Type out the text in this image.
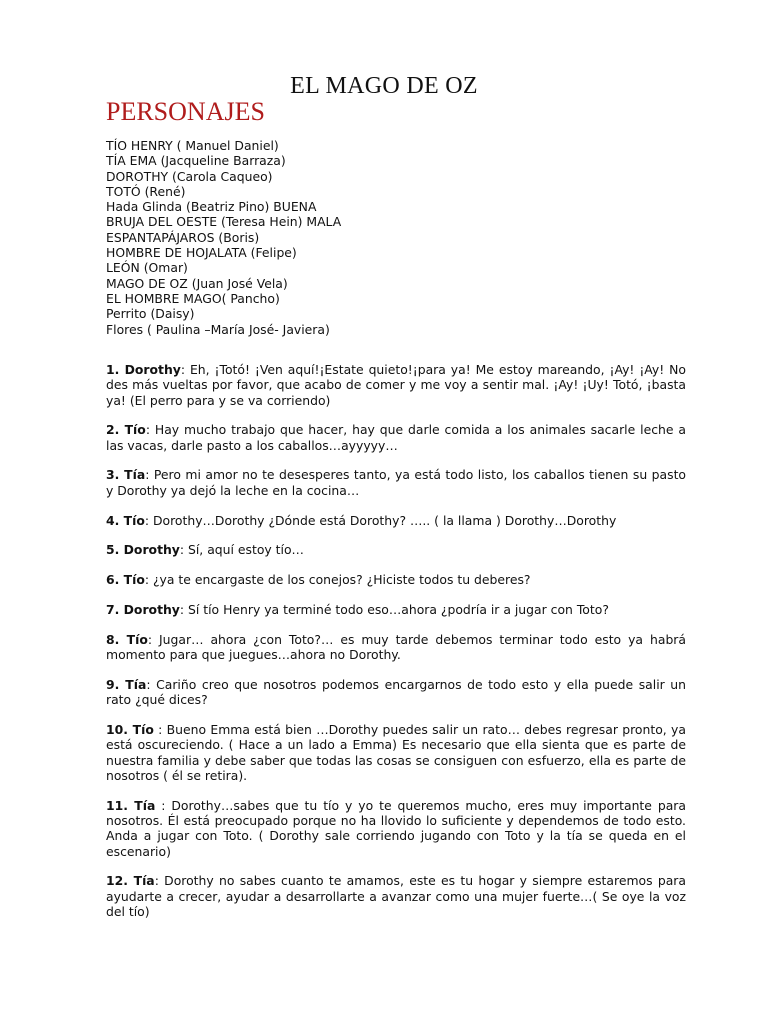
EL MAGO DE OZ
PERSONAJES
TÍO HENRY ( Manuel Daniel)
TÍA EMA (Jacqueline Barraza)
DOROTHY (Carola Caqueo)
TOTÓ (René)
Hada Glinda (Beatriz Pino) BUENA
BRUJA DEL OESTE (Teresa Hein) MALA
ESPANTAPÁJAROS (Boris)
HOMBRE DE HOJALATA (Felipe)
LEÓN (Omar)
MAGO DE OZ (Juan José Vela)
EL HOMBRE MAGO( Pancho)
Perrito (Daisy)
Flores ( Paulina –María José- Javiera)

1. Dorothy: Eh, ¡Totó! ¡Ven aquí!¡Estate quieto!¡para ya! Me estoy mareando, ¡Ay! ¡Ay! No des más vueltas por favor, que acabo de comer y me voy a sentir mal. ¡Ay! ¡Uy! Totó, ¡basta ya! (El perro para y se va corriendo)

2. Tío: Hay mucho trabajo que hacer, hay que darle comida a los animales sacarle leche a las vacas, darle pasto a los caballos…ayyyyy…

3. Tía: Pero mi amor no te desesperes tanto, ya está todo listo, los caballos tienen su pasto y Dorothy ya dejó la leche en la cocina…

4. Tío: Dorothy…Dorothy ¿Dónde está Dorothy? ….. ( la llama ) Dorothy…Dorothy

5. Dorothy: Sí, aquí estoy tío…

6. Tío: ¿ya te encargaste de los conejos? ¿Hiciste todos tu deberes?

7. Dorothy: Sí tío Henry ya terminé todo eso…ahora ¿podría ir a jugar con Toto?

8. Tío: Jugar… ahora ¿con Toto?… es muy tarde debemos terminar todo esto ya habrá momento para que juegues…ahora no Dorothy.

9. Tía: Cariño creo que nosotros podemos encargarnos de todo esto y ella puede salir un rato ¿qué dices?

10. Tío : Bueno Emma está bien …Dorothy puedes salir un rato… debes regresar pronto, ya está oscureciendo. ( Hace a un lado a Emma) Es necesario que ella sienta que es parte de nuestra familia y debe saber que todas las cosas se consiguen con esfuerzo, ella es parte de nosotros ( él se retira).

11. Tía : Dorothy…sabes que tu tío y yo te queremos mucho, eres muy importante para nosotros. Él está preocupado porque no ha llovido lo suficiente y dependemos de todo esto. Anda a jugar con Toto. ( Dorothy sale corriendo jugando con Toto y la tía se queda en el escenario)

12. Tía: Dorothy no sabes cuanto te amamos, este es tu hogar y siempre estaremos para ayudarte a crecer, ayudar a desarrollarte a avanzar como una mujer fuerte…( Se oye la voz del tío)
